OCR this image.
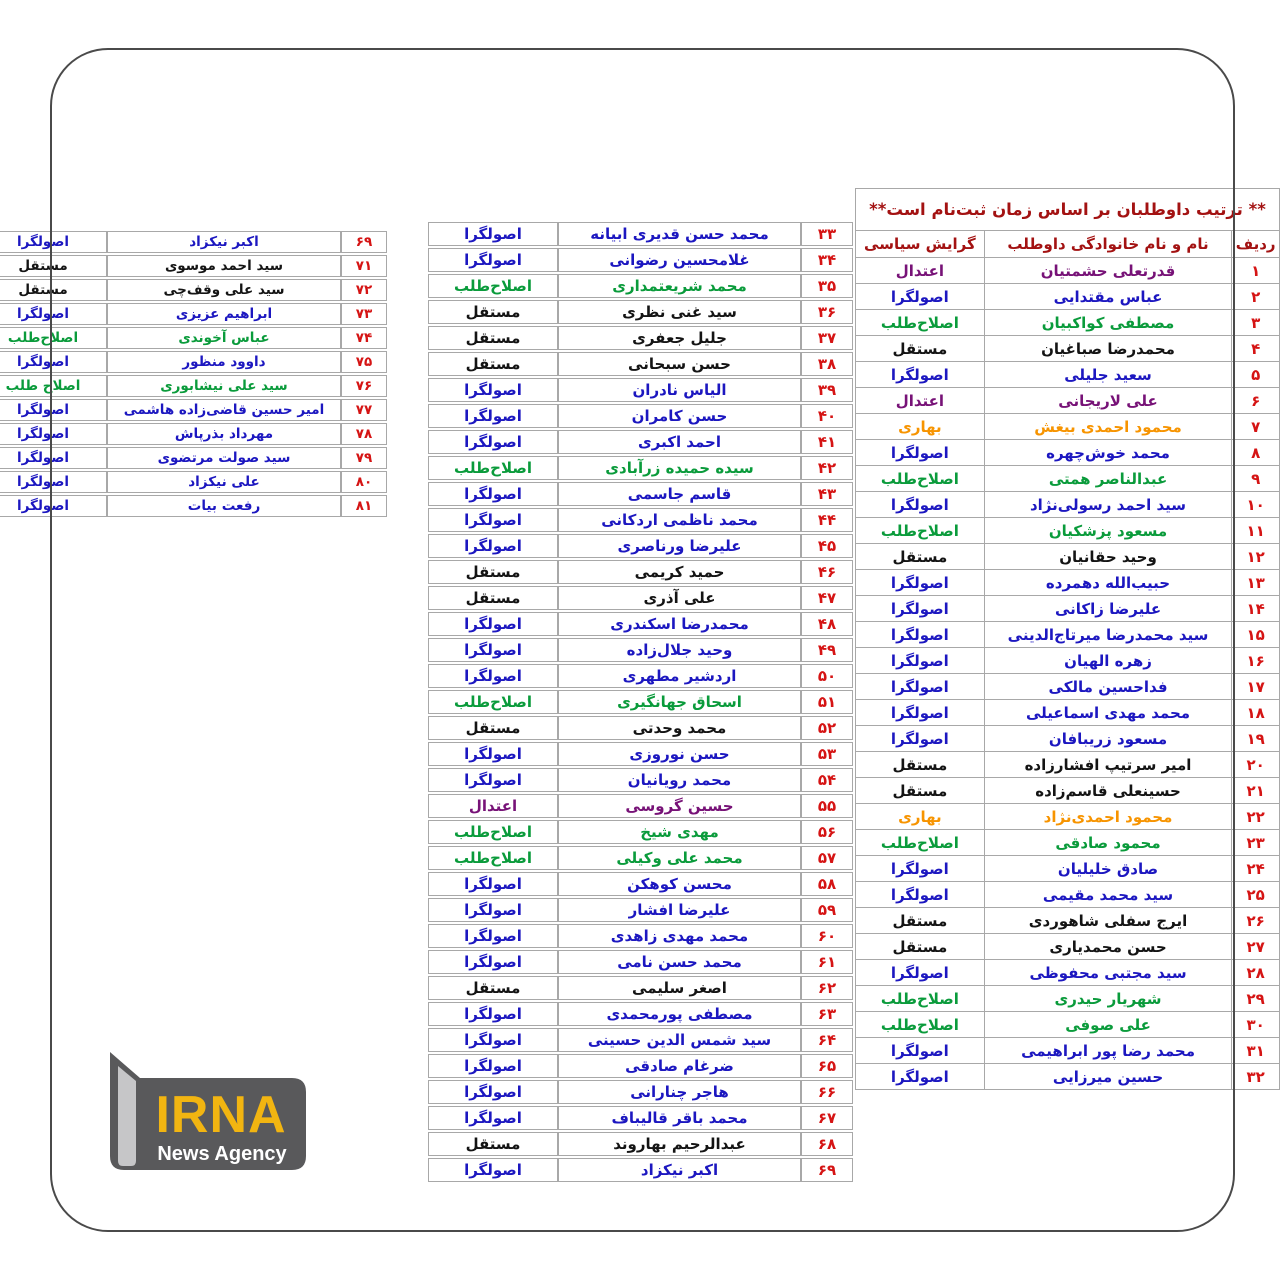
** ترتیب داوطلبان بر اساس زمان ثبت‌نام است**		
ردیف	نام و نام خانوادگی داوطلب	گرایش سیاسی
۱	قدرتعلی حشمتیان	اعتدال
۲	عباس مقتدایی	اصولگرا
۳	مصطفی کواکبیان	اصلاح‌طلب
۴	محمدرضا صباغیان	مستقل
۵	سعید جلیلی	اصولگرا
۶	علی لاریجانی	اعتدال
۷	محمود احمدی بیغش	بهاری
۸	محمد خوش‌چهره	اصولگرا
۹	عبدالناصر همتی	اصلاح‌طلب
۱۰	سید احمد رسولی‌نژاد	اصولگرا
۱۱	مسعود پزشکیان	اصلاح‌طلب
۱۲	وحید حقانیان	مستقل
۱۳	حبیب‌الله دهمرده	اصولگرا
۱۴	علیرضا زاکانی	اصولگرا
۱۵	سید محمدرضا میرتاج‌الدینی	اصولگرا
۱۶	زهره الهیان	اصولگرا
۱۷	فداحسین مالکی	اصولگرا
۱۸	محمد مهدی اسماعیلی	اصولگرا
۱۹	مسعود زریبافان	اصولگرا
۲۰	امیر سرتیپ افشارزاده	مستقل
۲۱	حسینعلی قاسم‌زاده	مستقل
۲۲	محمود احمدی‌نژاد	بهاری
۲۳	محمود صادقی	اصلاح‌طلب
۲۴	صادق خلیلیان	اصولگرا
۲۵	سید محمد مقیمی	اصولگرا
۲۶	ایرج سفلی شاهوردی	مستقل
۲۷	حسن محمدیاری	مستقل
۲۸	سید مجتبی محفوظی	اصولگرا
۲۹	شهریار حیدری	اصلاح‌طلب
۳۰	علی صوفی	اصلاح‌طلب
۳۱	محمد رضا پور ابراهیمی	اصولگرا
۳۲	حسین میرزایی	اصولگرا
۳۳	محمد حسن قدیری ابیانه	اصولگرا
۳۴	غلامحسین رضوانی	اصولگرا
۳۵	محمد شریعتمداری	اصلاح‌طلب
۳۶	سید غنی نظری	مستقل
۳۷	جلیل جعفری	مستقل
۳۸	حسن سبحانی	مستقل
۳۹	الیاس نادران	اصولگرا
۴۰	حسن کامران	اصولگرا
۴۱	احمد اکبری	اصولگرا
۴۲	سیده حمیده زرآبادی	اصلاح‌طلب
۴۳	قاسم جاسمی	اصولگرا
۴۴	محمد ناظمی اردکانی	اصولگرا
۴۵	علیرضا ورناصری	اصولگرا
۴۶	حمید کریمی	مستقل
۴۷	علی آذری	مستقل
۴۸	محمدرضا اسکندری	اصولگرا
۴۹	وحید جلال‌زاده	اصولگرا
۵۰	اردشیر مطهری	اصولگرا
۵۱	اسحاق جهانگیری	اصلاح‌طلب
۵۲	محمد وحدتی	مستقل
۵۳	حسن نوروزی	اصولگرا
۵۴	محمد رویانیان	اصولگرا
۵۵	حسین گروسی	اعتدال
۵۶	مهدی شیخ	اصلاح‌طلب
۵۷	محمد علی وکیلی	اصلاح‌طلب
۵۸	محسن کوهکن	اصولگرا
۵۹	علیرضا افشار	اصولگرا
۶۰	محمد مهدی زاهدی	اصولگرا
۶۱	محمد حسن نامی	اصولگرا
۶۲	اصغر سلیمی	مستقل
۶۳	مصطفی پورمحمدی	اصولگرا
۶۴	سید شمس الدین حسینی	اصولگرا
۶۵	ضرغام صادقی	اصولگرا
۶۶	هاجر چنارانی	اصولگرا
۶۷	محمد باقر قالیباف	اصولگرا
۶۸	عبدالرحیم بهاروند	مستقل
۶۹	اکبر نیکزاد	اصولگرا
۶۹	اکبر نیکزاد	اصولگرا
۷۱	سید احمد موسوی	مستقل
۷۲	سید علی وقف‌چی	مستقل
۷۳	ابراهیم عزیزی	اصولگرا
۷۴	عباس آخوندی	اصلاح‌طلب
۷۵	داوود منظور	اصولگرا
۷۶	سید علی نیشابوری	اصلاح طلب
۷۷	امیر حسین قاضی‌زاده هاشمی	اصولگرا
۷۸	مهرداد بذرپاش	اصولگرا
۷۹	سید صولت مرتضوی	اصولگرا
۸۰	علی نیکزاد	اصولگرا
۸۱	رفعت بیات	اصولگرا
IRNA
News Agency
